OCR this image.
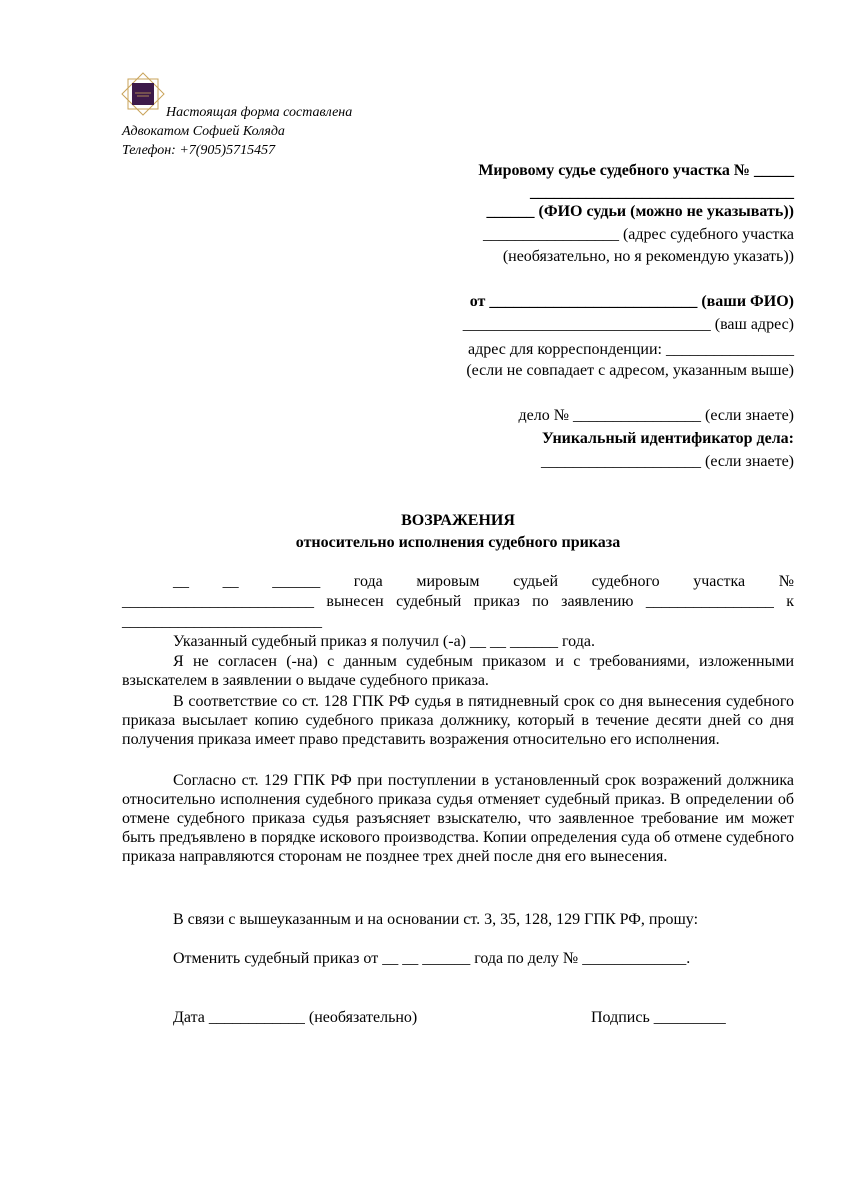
Настоящая форма составлена
Адвокатом Софией Коляда
Телефон: +7(905)5715457
Мировому судье судебного участка № _____
_________________________________
______ (ФИО судьи (можно не указывать))
_________________ (адрес судебного участка
(необязательно, но я рекомендую указать))
от __________________________ (ваши ФИО)
_______________________________ (ваш адрес)
адрес для корреспонденции: ________________
(если не совпадает с адресом, указанным выше)
дело № ________________ (если знаете)
Уникальный идентификатор дела:
____________________ (если знаете)
ВОЗРАЖЕНИЯ
относительно исполнения судебного приказа
__ __ ______ года мировым судьей судебного участка №
________________________ вынесен судебный приказ по заявлению ________________ к
_________________________
Указанный судебный приказ я получил (-а) __ __ ______ года.
Я не согласен (-на) с данным судебным приказом и с требованиями, изложенными взыскателем в заявлении о выдаче судебного приказа.
В соответствие со ст. 128 ГПК РФ судья в пятидневный срок со дня вынесения судебного приказа высылает копию судебного приказа должнику, который в течение десяти дней со дня получения приказа имеет право представить возражения относительно его исполнения.
Согласно ст. 129 ГПК РФ при поступлении в установленный срок возражений должника относительно исполнения судебного приказа судья отменяет судебный приказ. В определении об отмене судебного приказа судья разъясняет взыскателю, что заявленное требование им может быть предъявлено в порядке искового производства. Копии определения суда об отмене судебного приказа направляются сторонам не позднее трех дней после дня его вынесения.
В связи с вышеуказанным и на основании ст. 3, 35, 128, 129 ГПК РФ, прошу:
Отменить судебный приказ от __ __ ______ года по делу № _____________.
Дата ____________ (необязательно)	Подпись _________
